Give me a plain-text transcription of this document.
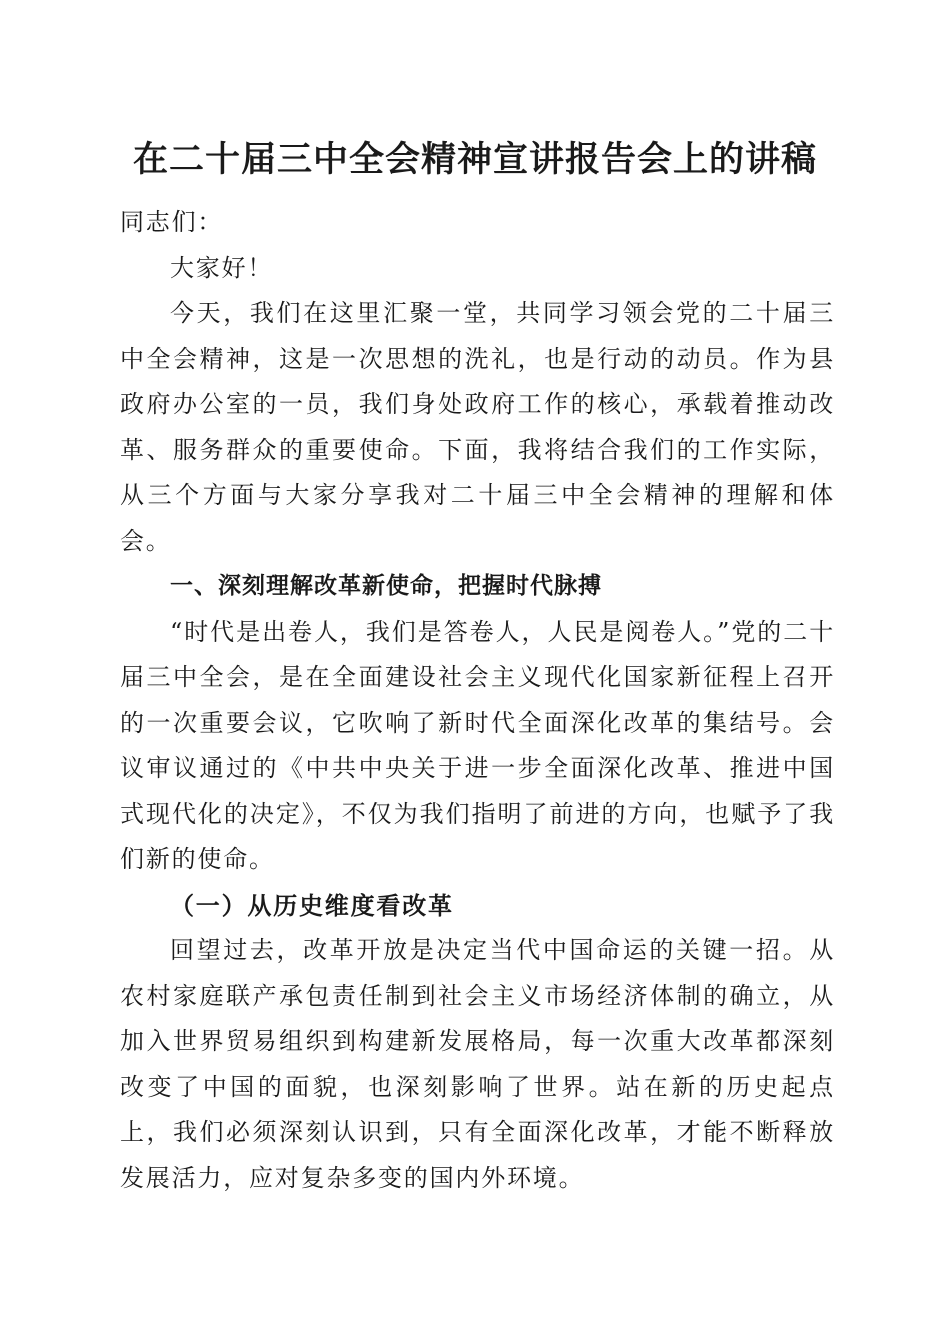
在二十届三中全会精神宣讲报告会上的讲稿

同志们：

大家好！

今天，我们在这里汇聚一堂，共同学习领会党的二十届三中全会精神，这是一次思想的洗礼，也是行动的动员。作为县政府办公室的一员，我们身处政府工作的核心，承载着推动改革、服务群众的重要使命。下面，我将结合我们的工作实际，从三个方面与大家分享我对二十届三中全会精神的理解和体会。

一、深刻理解改革新使命，把握时代脉搏

“时代是出卷人，我们是答卷人，人民是阅卷人。”党的二十届三中全会，是在全面建设社会主义现代化国家新征程上召开的一次重要会议，它吹响了新时代全面深化改革的集结号。会议审议通过的《中共中央关于进一步全面深化改革、推进中国式现代化的决定》，不仅为我们指明了前进的方向，也赋予了我们新的使命。

（一）从历史维度看改革

回望过去，改革开放是决定当代中国命运的关键一招。从农村家庭联产承包责任制到社会主义市场经济体制的确立，从加入世界贸易组织到构建新发展格局，每一次重大改革都深刻改变了中国的面貌，也深刻影响了世界。站在新的历史起点上，我们必须深刻认识到，只有全面深化改革，才能不断释放发展活力，应对复杂多变的国内外环境。
